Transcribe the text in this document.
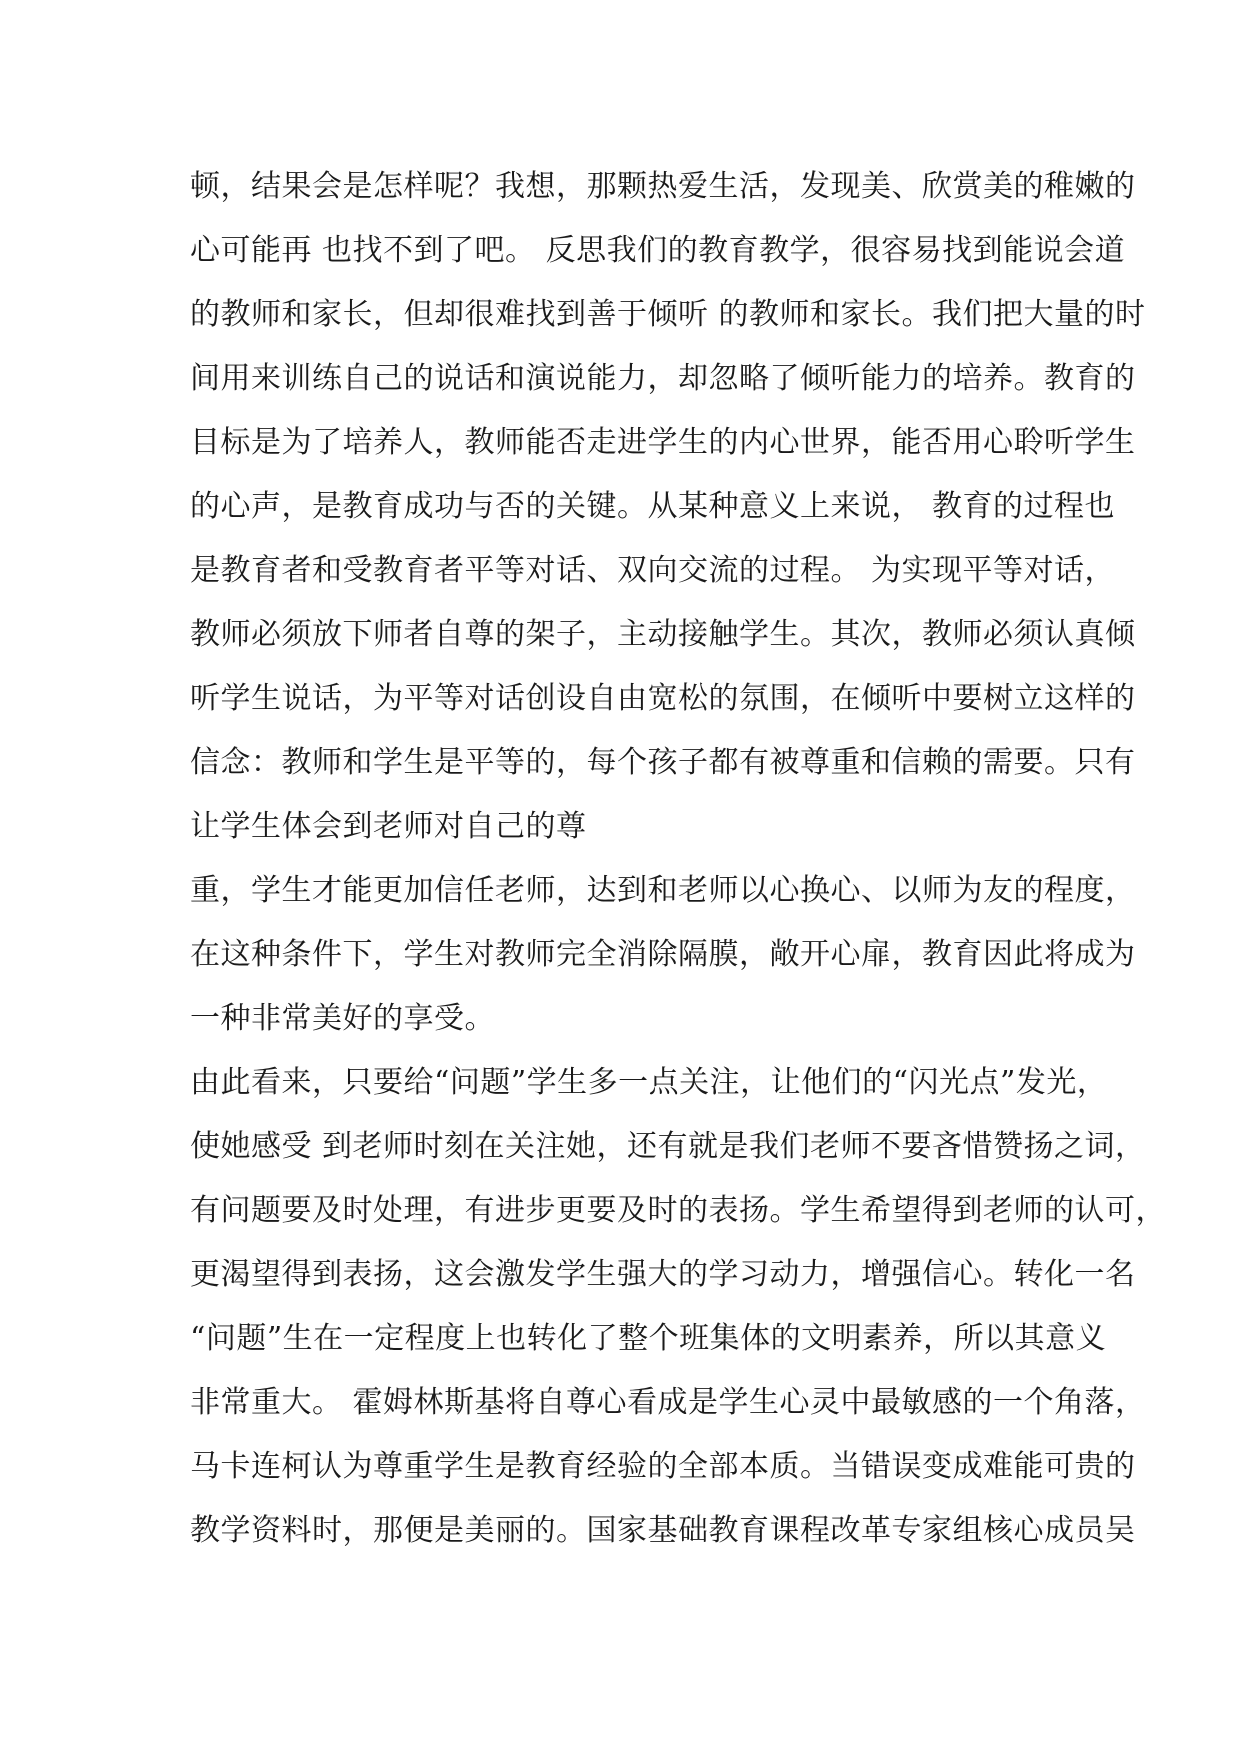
顿，结果会是怎样呢？我想，那颗热爱生活，发现美、欣赏美的稚嫩的
心可能再 也找不到了吧。 反思我们的教育教学，很容易找到能说会道
的教师和家长，但却很难找到善于倾听 的教师和家长。我们把大量的时
间用来训练自己的说话和演说能力，却忽略了倾听能力的培养。教育的
目标是为了培养人，教师能否走进学生的内心世界，能否用心聆听学生
的心声，是教育成功与否的关键。从某种意义上来说， 教育的过程也
是教育者和受教育者平等对话、双向交流的过程。 为实现平等对话，
教师必须放下师者自尊的架子，主动接触学生。其次，教师必须认真倾
听学生说话，为平等对话创设自由宽松的氛围，在倾听中要树立这样的
信念：教师和学生是平等的，每个孩子都有被尊重和信赖的需要。只有
让学生体会到老师对自己的尊
重，学生才能更加信任老师，达到和老师以心换心、以师为友的程度，
在这种条件下，学生对教师完全消除隔膜，敞开心扉，教育因此将成为
一种非常美好的享受。
由此看来，只要给“问题”学生多一点关注，让他们的“闪光点”发光，
使她感受 到老师时刻在关注她，还有就是我们老师不要吝惜赞扬之词，
有问题要及时处理，有进步更要及时的表扬。学生希望得到老师的认可，
更渴望得到表扬，这会激发学生强大的学习动力，增强信心。转化一名
“问题”生在一定程度上也转化了整个班集体的文明素养，所以其意义
非常重大。 霍姆林斯基将自尊心看成是学生心灵中最敏感的一个角落，
马卡连柯认为尊重学生是教育经验的全部本质。当错误变成难能可贵的
教学资料时，那便是美丽的。国家基础教育课程改革专家组核心成员吴
